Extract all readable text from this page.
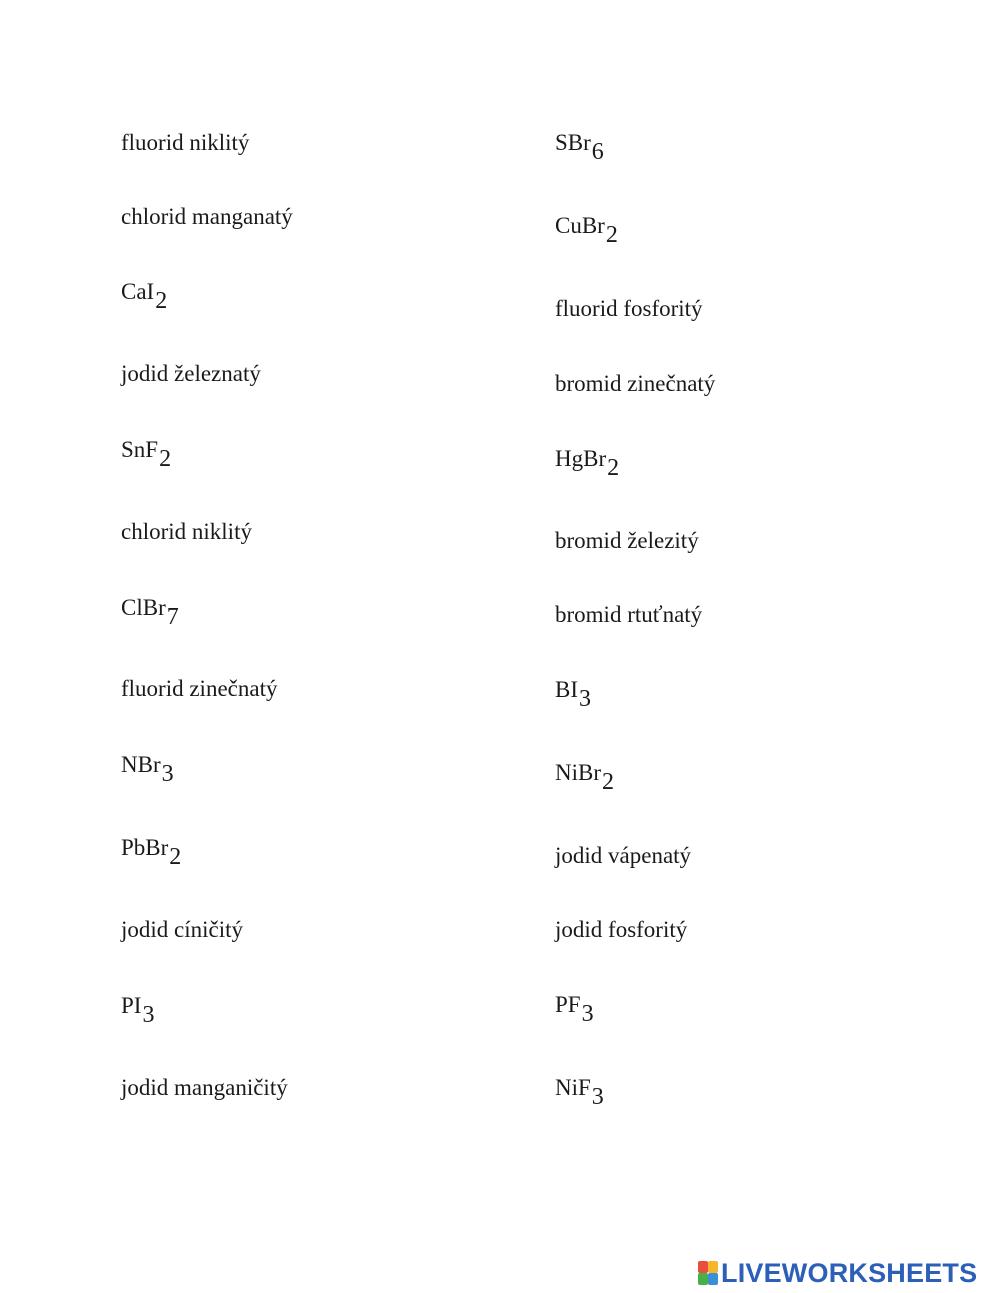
fluorid niklitý
chlorid manganatý
CaI2
jodid železnatý
SnF2
chlorid niklitý
ClBr7
fluorid zinečnatý
NBr3
PbBr2
jodid cíničitý
PI3
jodid manganičitý
SBr6
CuBr2
fluorid fosforitý
bromid zinečnatý
HgBr2
bromid železitý
bromid rtuťnatý
BI3
NiBr2
jodid vápenatý
jodid fosforitý
PF3
NiF3
LIVEWORKSHEETS
